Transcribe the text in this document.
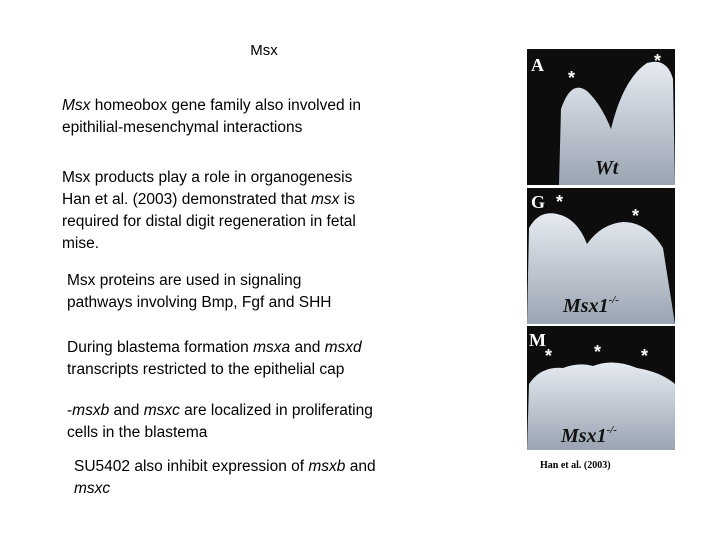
Msx
Msx homeobox gene family also involved in
epithilial-mesenchymal interactions
Msx products play a role in organogenesis
Han et al. (2003) demonstrated that msx is
required for distal digit regeneration in fetal
mise.
Msx proteins are used in signaling
pathways involving Bmp, Fgf and SHH
During blastema formation msxa and msxd
transcripts restricted to the epithelial cap
-msxb and msxc are localized in proliferating
cells in the blastema
SU5402 also inhibit expression of msxb and
msxc
A
*
*
Wt
G *
*
Msx1-/-
M
* * *
Msx1-/-
Han et al. (2003)
